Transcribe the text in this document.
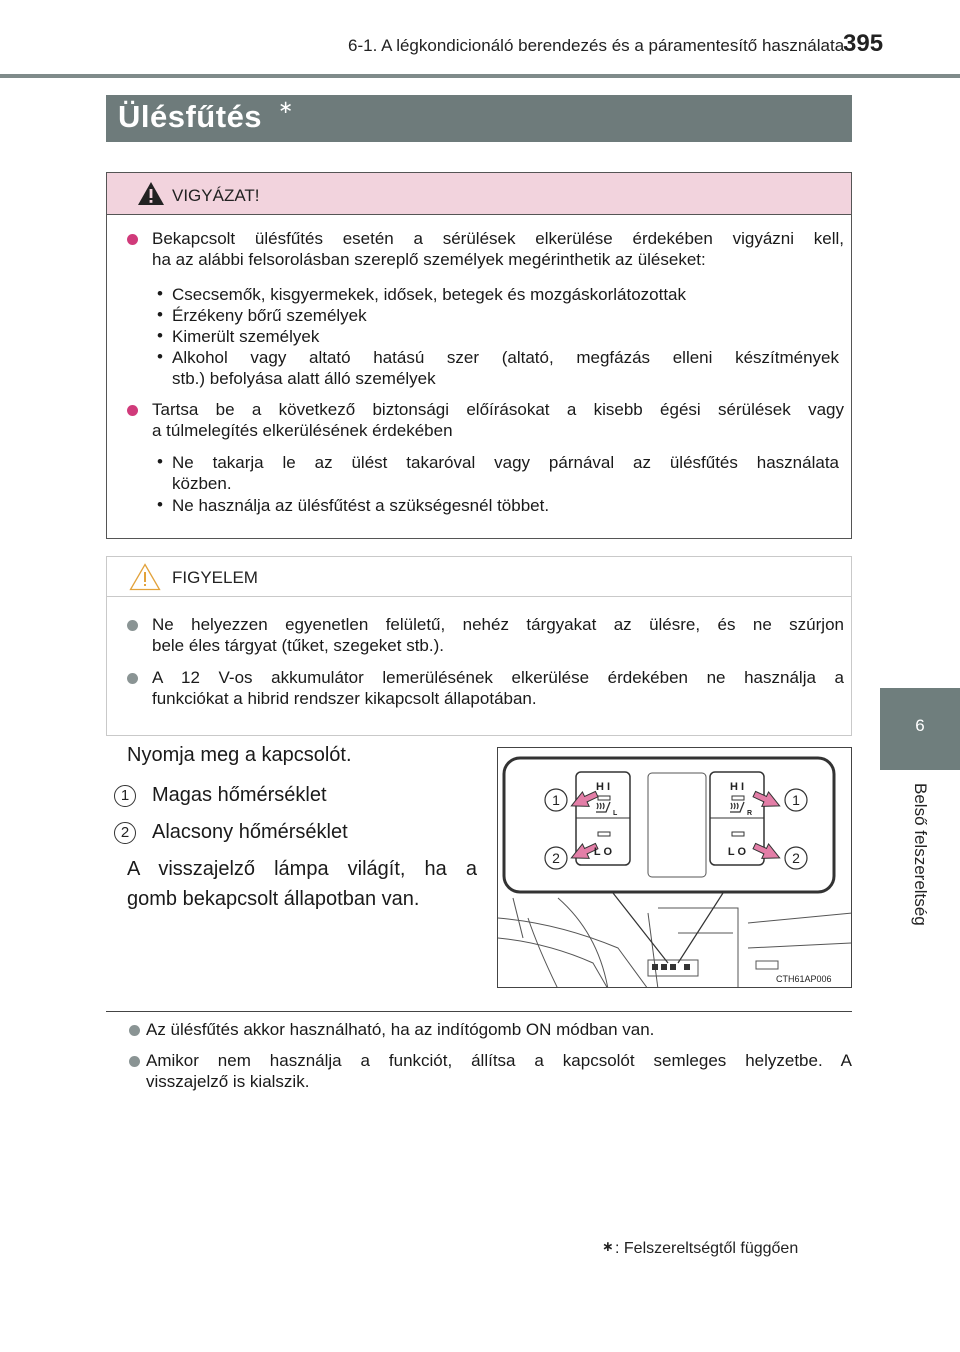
6-1. A légkondicionáló berendezés és a páramentesítő használata
395
6
Belső felszereltség
Ülésfűtés ∗
VIGYÁZAT!
Bekapcsolt ülésfűtés esetén a sérülések elkerülése érdekében vigyázni kell,
ha az alábbi felsorolásban szereplő személyek megérinthetik az üléseket:
• Csecsemők, kisgyermekek, idősek, betegek és mozgáskorlátozottak
• Érzékeny bőrű személyek
• Kimerült személyek
• Alkohol vagy altató hatású szer (altató, megfázás elleni készítmények
stb.) befolyása alatt álló személyek
Tartsa be a következő biztonsági előírásokat a kisebb égési sérülések vagy
a túlmelegítés elkerülésének érdekében
• Ne takarja le az ülést takaróval vagy párnával az ülésfűtés használata
közben.
• Ne használja az ülésfűtést a szükségesnél többet.
FIGYELEM
Ne helyezzen egyenetlen felületű, nehéz tárgyakat az ülésre, és ne szúrjon
bele éles tárgyat (tűket, szegeket stb.).
A 12 V-os akkumulátor lemerülésének elkerülése érdekében ne használja a
funkciókat a hibrid rendszer kikapcsolt állapotában.
Nyomja meg a kapcsolót.
1	Magas hőmérséklet
2	Alacsony hőmérséklet
A visszajelző lámpa világít, ha a
gomb bekapcsolt állapotban van.
H I
L O
H I
L O
L	R
1
2
1
2
CTH61AP006
Az ülésfűtés akkor használható, ha az indítógomb ON módban van.
Amikor nem használja a funkciót, állítsa a kapcsolót semleges helyzetbe. A
visszajelző is kialszik.
∗ : Felszereltségtől függően
